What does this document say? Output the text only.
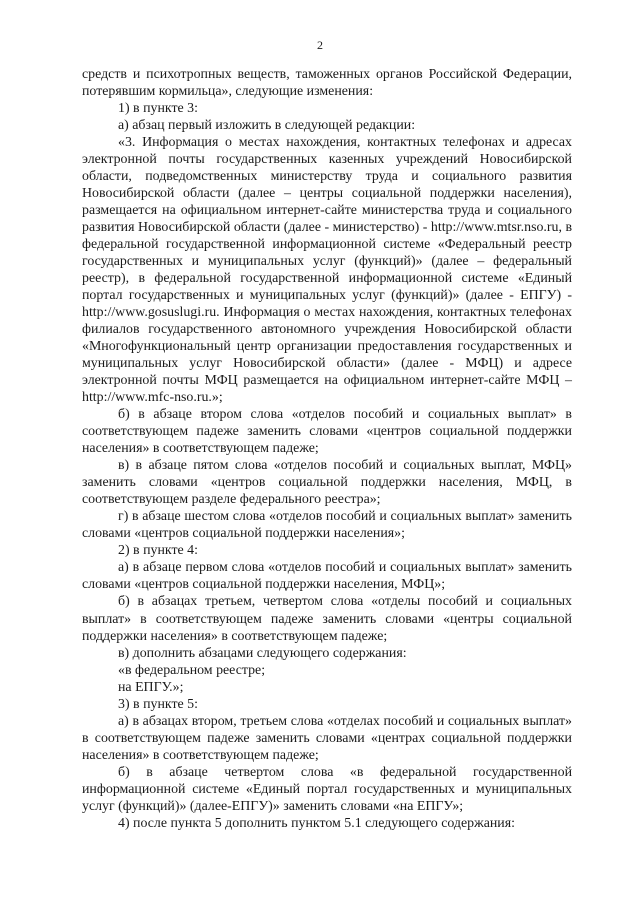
2

средств и психотропных веществ, таможенных органов Российской Федерации, потерявшим кормильца», следующие изменения:

1) в пункте 3:

а) абзац первый изложить в следующей редакции:

«3. Информация о местах нахождения, контактных телефонах и адресах электронной почты государственных казенных учреждений Новосибирской области, подведомственных министерству труда и социального развития Новосибирской области (далее – центры социальной поддержки населения), размещается на официальном интернет-сайте министерства труда и социального развития Новосибирской области (далее - министерство) - http://www.mtsr.nso.ru, в федеральной государственной информационной системе «Федеральный реестр государственных и муниципальных услуг (функций)» (далее – федеральный реестр), в федеральной государственной информационной системе «Единый портал государственных и муниципальных услуг (функций)» (далее - ЕПГУ) - http://www.gosuslugi.ru. Информация о местах нахождения, контактных телефонах филиалов государственного автономного учреждения Новосибирской области «Многофункциональный центр организации предоставления государственных и муниципальных услуг Новосибирской области» (далее - МФЦ) и адресе электронной почты МФЦ размещается на официальном интернет-сайте МФЦ – http://www.mfc-nso.ru.»;

б) в абзаце втором слова «отделов пособий и социальных выплат» в соответствующем падеже заменить словами «центров социальной поддержки населения» в соответствующем падеже;

в) в абзаце пятом слова «отделов пособий и социальных выплат, МФЦ» заменить словами «центров социальной поддержки населения, МФЦ, в соответствующем разделе федерального реестра»;

г) в абзаце шестом слова «отделов пособий и социальных выплат» заменить словами «центров социальной поддержки населения»;

2) в пункте 4:

а) в абзаце первом слова «отделов пособий и социальных выплат» заменить словами «центров социальной поддержки населения, МФЦ»;

б) в абзацах третьем, четвертом слова «отделы пособий и социальных выплат» в соответствующем падеже заменить словами «центры социальной поддержки населения» в соответствующем падеже;

в) дополнить абзацами следующего содержания:

«в федеральном реестре;

на ЕПГУ.»;

3) в пункте 5:

а) в абзацах втором, третьем слова «отделах пособий и социальных выплат» в соответствующем падеже заменить словами «центрах социальной поддержки населения» в соответствующем падеже;

б) в абзаце четвертом слова «в федеральной государственной информационной системе «Единый портал государственных и муниципальных услуг (функций)» (далее-ЕПГУ)» заменить словами «на ЕПГУ»;

4) после пункта 5 дополнить пунктом 5.1 следующего содержания:
